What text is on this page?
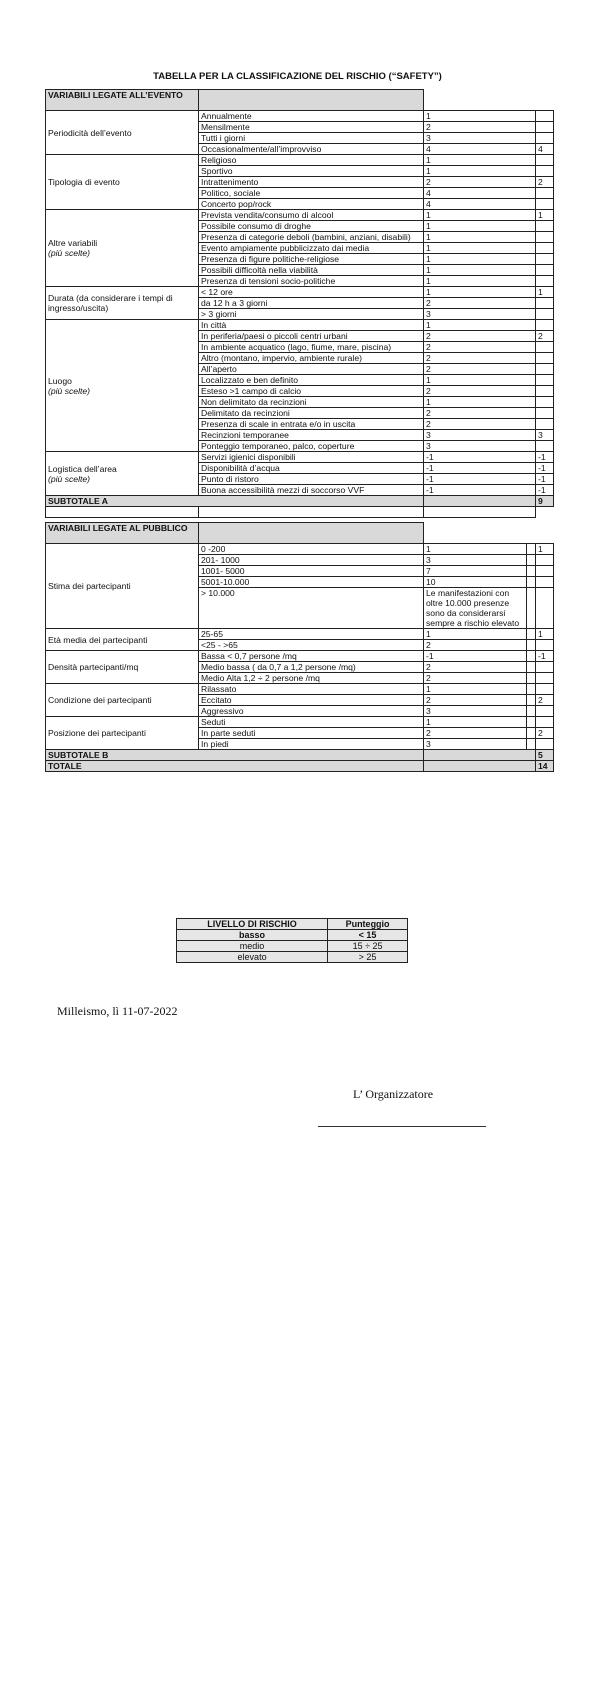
TABELLA PER LA CLASSIFICAZIONE DEL RISCHIO (“SAFETY”)
VARIABILI LEGATE ALL’EVENTO			
Periodicità dell’evento	Annualmente	1	
	Mensilmente	2	
	Tutti i giorni	3	
	Occasionalmente/all’improvviso	4	4
Tipologia di evento	Religioso	1	
	Sportivo	1	
	Intrattenimento	2	2
	Politico, sociale	4	
	Concerto pop/rock	4	
Altre variabili
(più scelte)	Prevista vendita/consumo di alcool	1	1
	Possibile consumo di droghe	1	
	Presenza di categorie deboli (bambini, anziani, disabili)	1	
	Evento ampiamente pubblicizzato dai media	1	
	Presenza di figure politiche-religiose	1	
	Possibili difficoltà nella viabilità	1	
	Presenza di tensioni socio-politiche	1	
Durata (da considerare i tempi di ingresso/uscita)	< 12 ore	1	1
	da 12 h a 3 giorni	2	
	> 3 giorni	3	
Luogo
(più scelte)	In città	1	
	In periferia/paesi o piccoli centri urbani	2	2
	In ambiente acquatico (lago, fiume, mare, piscina)	2	
	Altro (montano, impervio, ambiente rurale)	2	
	All’aperto	2	
	Localizzato e ben definito	1	
	Esteso >1 campo di calcio	2	
	Non delimitato da recinzioni	1	
	Delimitato da recinzioni	2	
	Presenza di scale in entrata e/o in uscita	2	
	Recinzioni temporanee	3	3
	Ponteggio temporaneo, palco, coperture	3	
Logistica dell’area
(più scelte)	Servizi igienici disponibili	-1	-1
	Disponibilità d’acqua	-1	-1
	Punto di ristoro	-1	-1
	Buona accessibilità mezzi di soccorso VVF	-1	-1
SUBTOTALE A			9

VARIABILI LEGATE AL PUBBLICO				
Stima dei partecipanti	0 -200	1		1
	201- 1000	3		
	1001- 5000	7		
	5001-10.000	10		
	> 10.000	Le manifestazioni con oltre 10.000 presenze sono da considerarsi sempre a rischio elevato		
Età media dei partecipanti	25-65	1		1
	<25 - >65	2		
Densità partecipanti/mq	Bassa < 0,7 persone /mq	-1		-1
	Medio bassa ( da 0,7 a 1,2 persone /mq)	2		
	Medio Alta 1,2 ÷ 2 persone /mq	2		
Condizione dei partecipanti	Rilassato	1		
	Eccitato	2		2
	Aggressivo	3		
Posizione dei partecipanti	Seduti	1		
	In parte seduti	2		2
	In piedi	3		
SUBTOTALE B				5
TOTALE				14
LIVELLO DI RISCHIO	Punteggio
basso	< 15
medio	15 ÷ 25
elevato	> 25
Milleismo, lì 11-07-2022
L’ Organizzatore
